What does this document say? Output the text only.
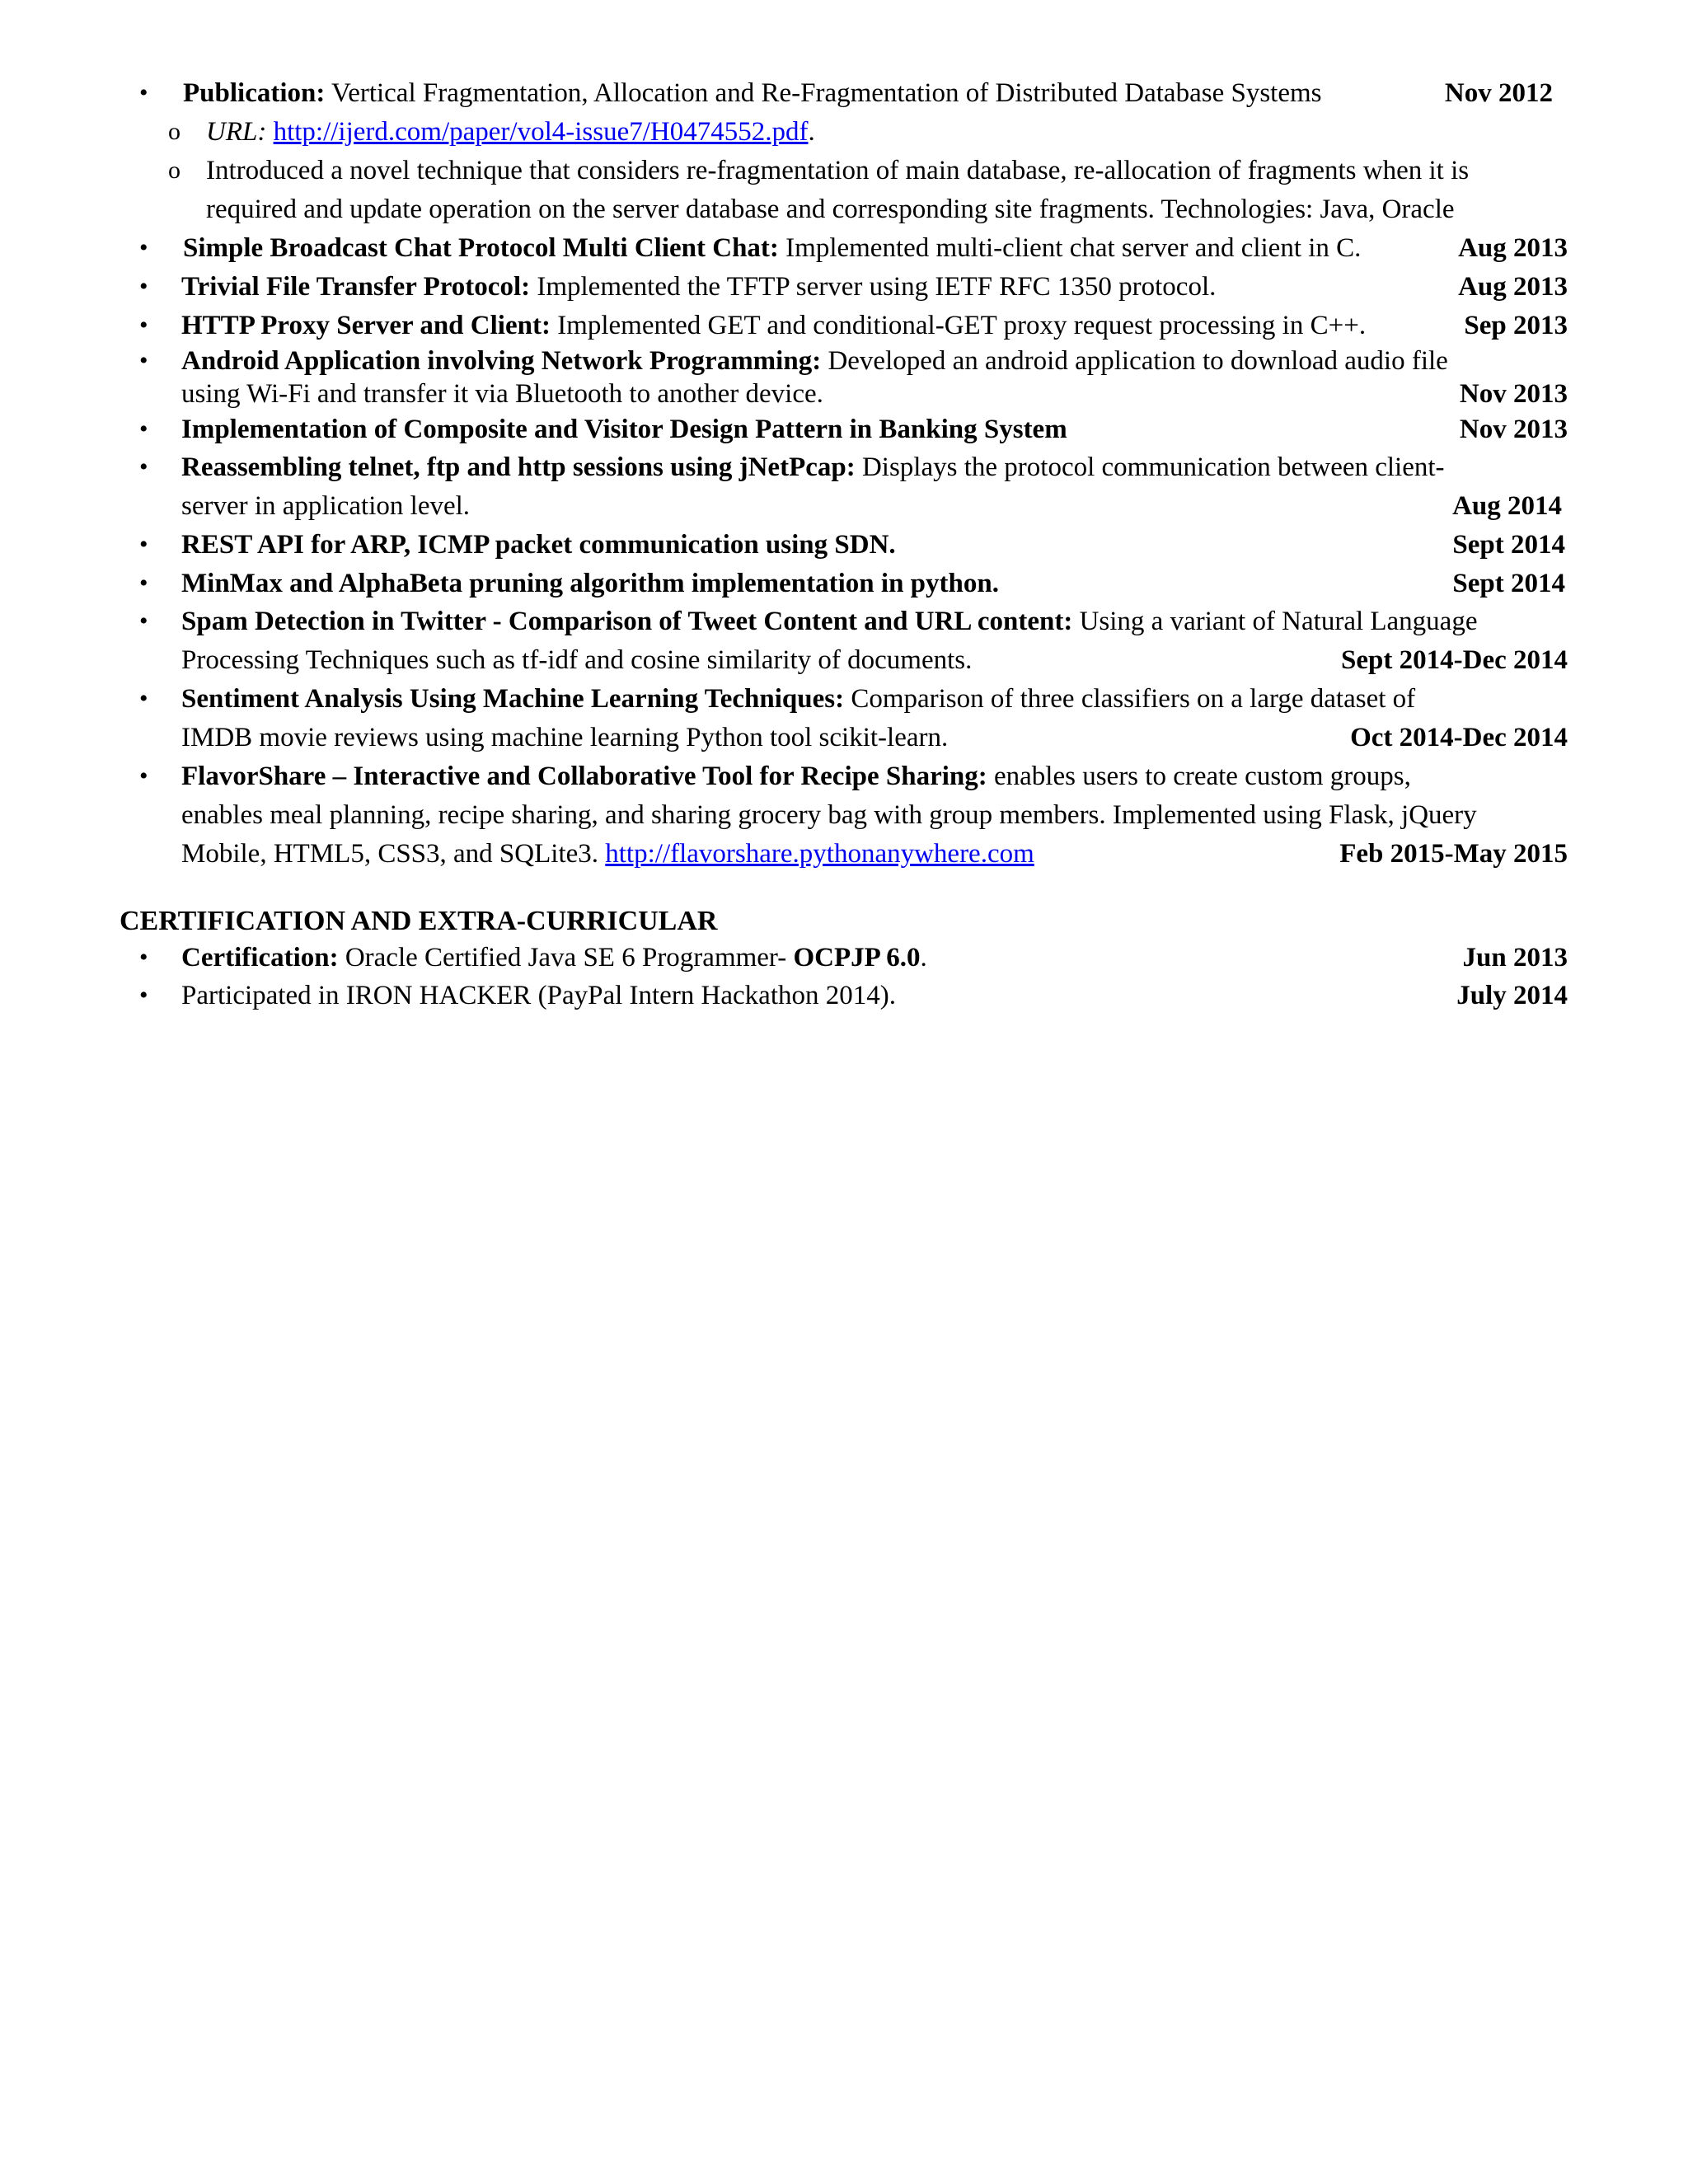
• Publication: Vertical Fragmentation, Allocation and Re-Fragmentation of Distributed Database Systems	Nov 2012
o URL: http://ijerd.com/paper/vol4-issue7/H0474552.pdf.
o Introduced a novel technique that considers re-fragmentation of main database, re-allocation of fragments when it is
required and update operation on the server database and corresponding site fragments. Technologies: Java, Oracle
• Simple Broadcast Chat Protocol Multi Client Chat: Implemented multi-client chat server and client in C.	Aug 2013
• Trivial File Transfer Protocol: Implemented the TFTP server using IETF RFC 1350 protocol.	Aug 2013
• HTTP Proxy Server and Client: Implemented GET and conditional-GET proxy request processing in C++.	Sep 2013
• Android Application involving Network Programming: Developed an android application to download audio file
using Wi-Fi and transfer it via Bluetooth to another device.	Nov 2013
• Implementation of Composite and Visitor Design Pattern in Banking System	Nov 2013
• Reassembling telnet, ftp and http sessions using jNetPcap: Displays the protocol communication between client-
server in application level.	Aug 2014
• REST API for ARP, ICMP packet communication using SDN.	Sept 2014
• MinMax and AlphaBeta pruning algorithm implementation in python.	Sept 2014
• Spam Detection in Twitter - Comparison of Tweet Content and URL content: Using a variant of Natural Language
Processing Techniques such as tf-idf and cosine similarity of documents.	Sept 2014-Dec 2014
• Sentiment Analysis Using Machine Learning Techniques: Comparison of three classifiers on a large dataset of
IMDB movie reviews using machine learning Python tool scikit-learn.	Oct 2014-Dec 2014
• FlavorShare – Interactive and Collaborative Tool for Recipe Sharing: enables users to create custom groups,
enables meal planning, recipe sharing, and sharing grocery bag with group members. Implemented using Flask, jQuery
Mobile, HTML5, CSS3, and SQLite3. http://flavorshare.pythonanywhere.com	Feb 2015-May 2015
CERTIFICATION AND EXTRA-CURRICULAR
• Certification: Oracle Certified Java SE 6 Programmer- OCPJP 6.0.	Jun 2013
• Participated in IRON HACKER (PayPal Intern Hackathon 2014).	July 2014
